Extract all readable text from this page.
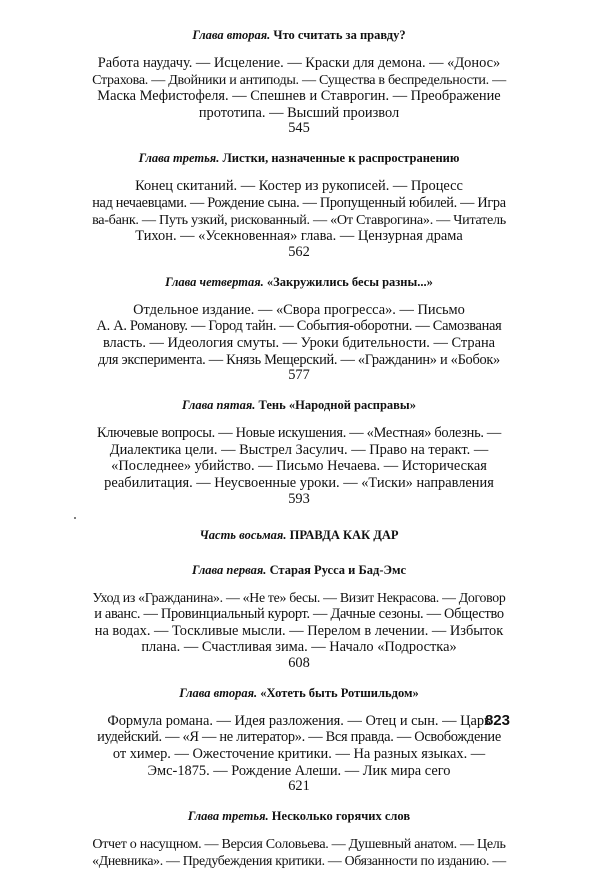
Глава вторая. Что считать за правду?
Работа наудачу. — Исцеление. — Краски для демона. — «Донос»
Страхова. — Двойники и антиподы. — Существа в беспредельности. —
Маска Мефистофеля. — Спешнев и Ставрогин. — Преображение
прототипа. — Высший произвол
545
Глава третья. Листки, назначенные к распространению
Конец скитаний. — Костер из рукописей. — Процесс
над нечаевцами. — Рождение сына. — Пропущенный юбилей. — Игра
ва-банк. — Путь узкий, рискованный. — «От Ставрогина». — Читатель
Тихон. — «Усекновенная» глава. — Цензурная драма
562
Глава четвертая. «Закружились бесы разны...»
Отдельное издание. — «Свора прогресса». — Письмо
А. А. Романову. — Город тайн. — События-оборотни. — Самозваная
власть. — Идеология смуты. — Уроки бдительности. — Страна
для эксперимента. — Князь Мещерский. — «Гражданин» и «Бобок»
577
Глава пятая. Тень «Народной расправы»
Ключевые вопросы. — Новые искушения. — «Местная» болезнь. —
Диалектика цели. — Выстрел Засулич. — Право на теракт. —
«Последнее» убийство. — Письмо Нечаева. — Историческая
реабилитация. — Неусвоенные уроки. — «Тиски» направления
593
Часть восьмая. ПРАВДА КАК ДАР
Глава первая. Старая Русса и Бад-Эмс
Уход из «Гражданина». — «Не те» бесы. — Визит Некрасова. — Договор
и аванс. — Провинциальный курорт. — Дачные сезоны. — Общество
на водах. — Тоскливые мысли. — Перелом в лечении. — Избыток
плана. — Счастливая зима. — Начало «Подростка»
608
Глава вторая. «Хотеть быть Ротшильдом»
Формула романа. — Идея разложения. — Отец и сын. — Царь
иудейский. — «Я — не литератор». — Вся правда. — Освобождение
от химер. — Ожесточение критики. — На разных языках. —
Эмс-1875. — Рождение Алеши. — Лик мира сего
621
Глава третья. Несколько горячих слов
Отчет о насущном. — Версия Соловьева. — Душевный анатом. — Цель
«Дневника». — Предубеждения критики. — Обязанности по изданию. —
823
